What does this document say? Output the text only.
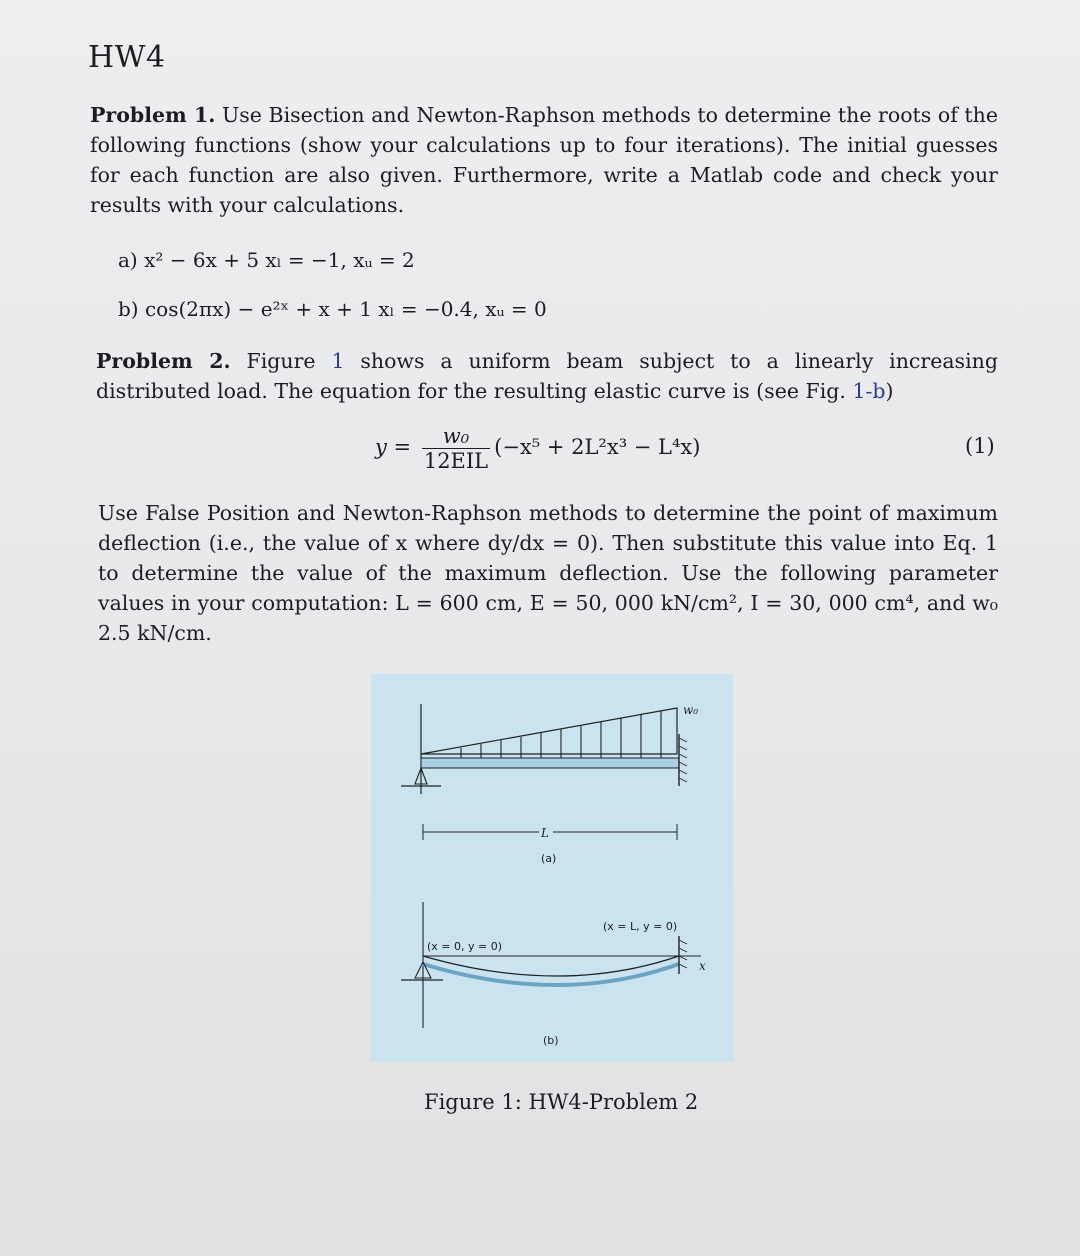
HW4
Problem 1. Use Bisection and Newton-Raphson methods to determine the roots of the following functions (show your calculations up to four iterations). The initial guesses for each function are also given. Furthermore, write a Matlab code and check your results with your calculations.
a) x² − 6x + 5 xₗ = −1, xᵤ = 2
b) cos(2πx) − e²ˣ + x + 1 xₗ = −0.4, xᵤ = 0
Problem 2. Figure 1 shows a uniform beam subject to a linearly increasing distributed load. The equation for the resulting elastic curve is (see Fig. 1-b)
$y = \frac{\text{w₀}}{\text{12EIL}} (-x^5 + 2L^2x^3 - L^4x)$	(1)
Use False Position and Newton-Raphson methods to determine the point of maximum deflection (i.e., the value of x where dy/dx = 0). Then substitute this value into Eq. 1 to determine the value of the maximum deflection. Use the following parameter values in your computation: L = 600 cm, E = 50, 000 kN/cm², I = 30, 000 cm⁴, and w₀ 2.5 kN/cm.
w₀
L
(a)
(x = 0, y = 0)
(x = L, y = 0)
x
(b)
Figure 1: HW4-Problem 2
